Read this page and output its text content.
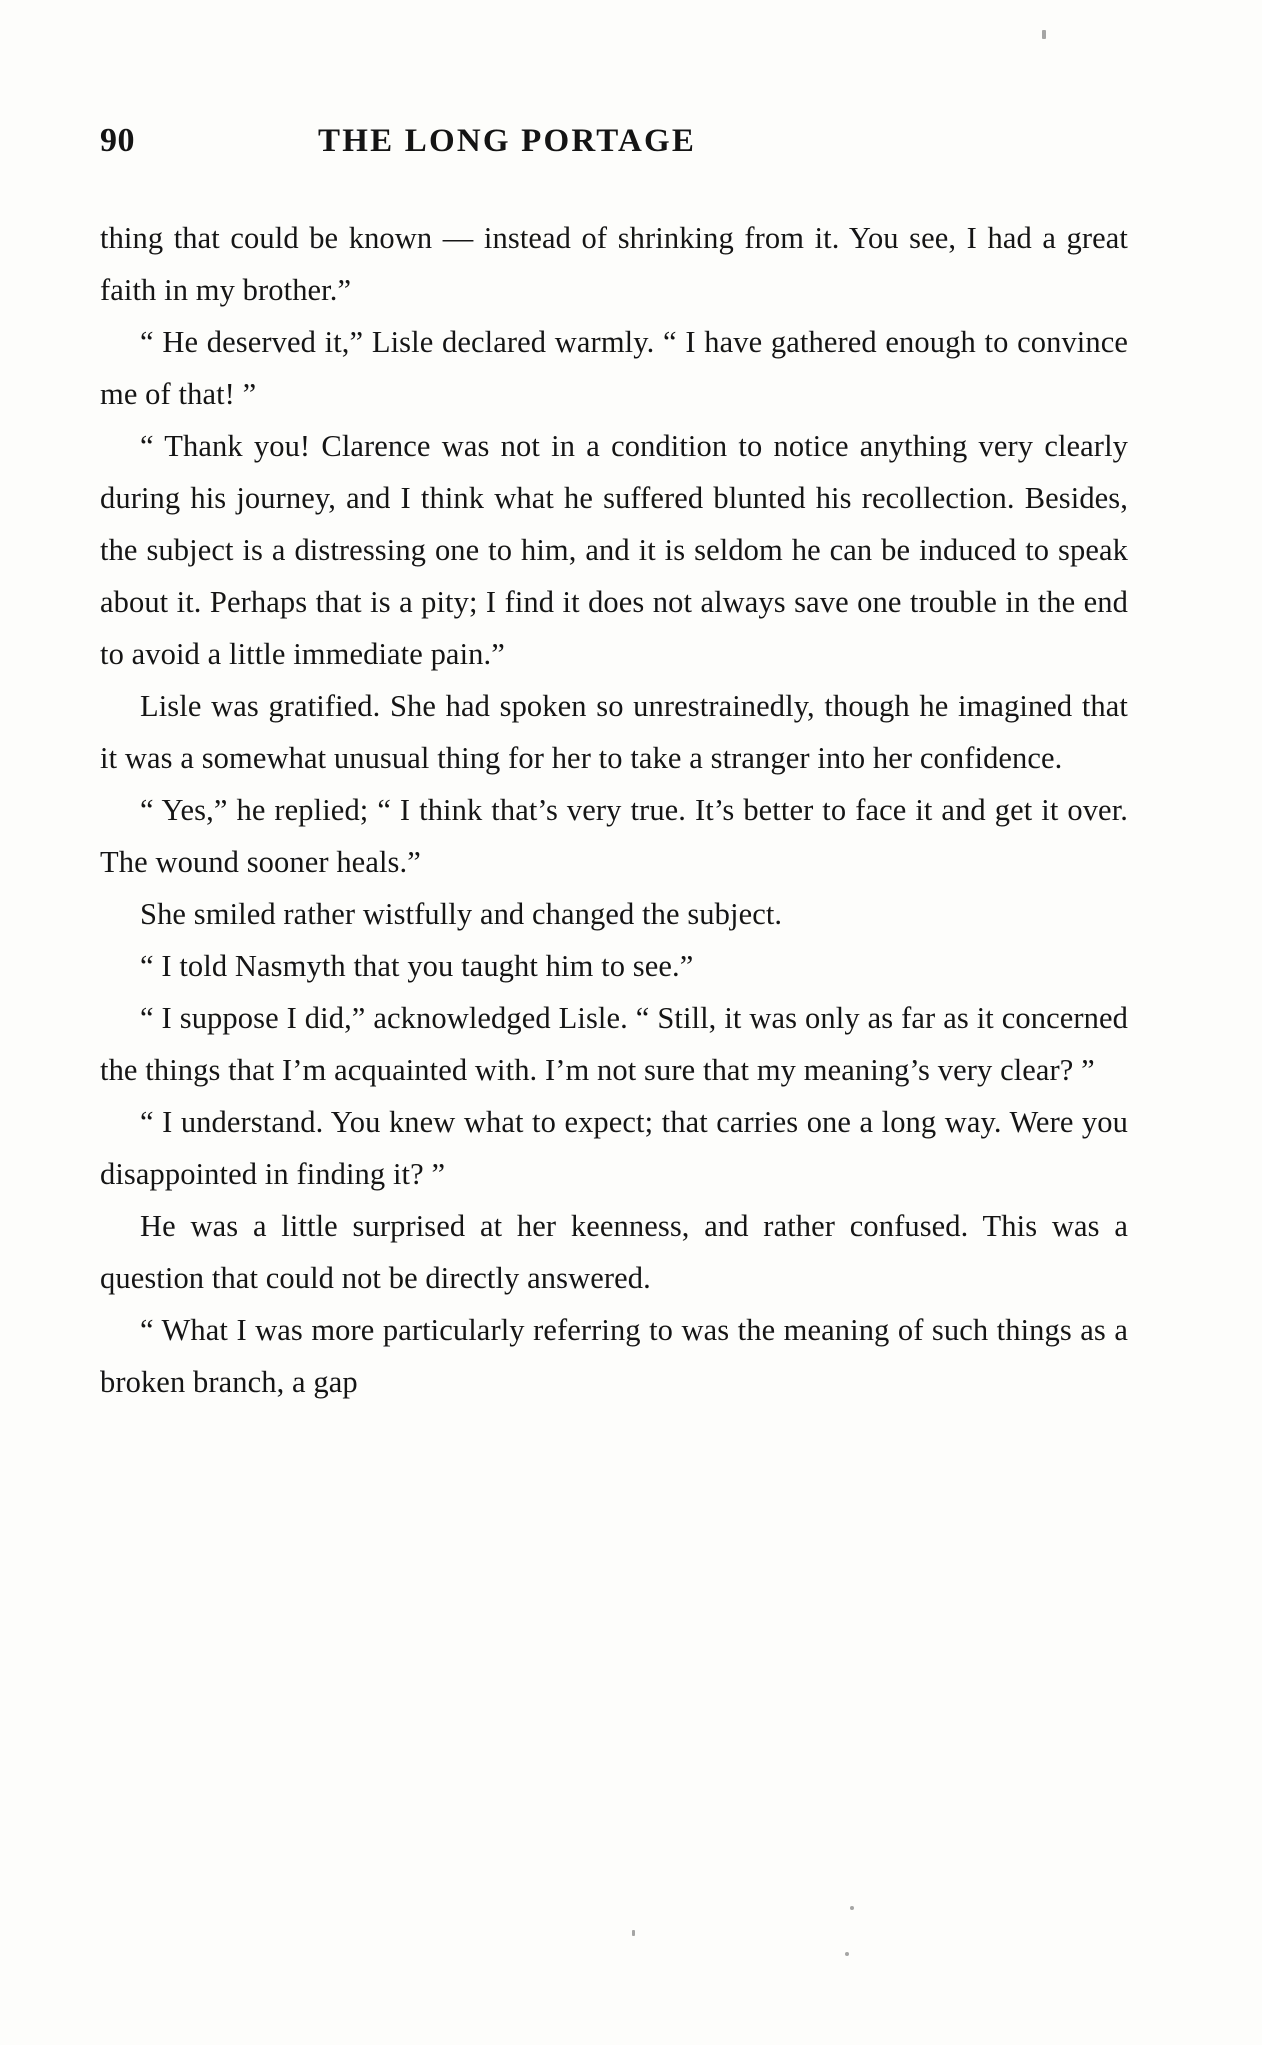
90	THE LONG PORTAGE

thing that could be known — instead of shrinking from it. You see, I had a great faith in my brother.”

“ He deserved it,” Lisle declared warmly. “ I have gathered enough to convince me of that! ”

“ Thank you! Clarence was not in a condition to notice anything very clearly during his journey, and I think what he suffered blunted his recollection. Besides, the subject is a distressing one to him, and it is seldom he can be induced to speak about it. Perhaps that is a pity; I find it does not always save one trouble in the end to avoid a little immediate pain.”

Lisle was gratified. She had spoken so unrestrainedly, though he imagined that it was a somewhat unusual thing for her to take a stranger into her confidence.

“ Yes,” he replied; “ I think that’s very true. It’s better to face it and get it over. The wound sooner heals.”

She smiled rather wistfully and changed the subject.

“ I told Nasmyth that you taught him to see.”

“ I suppose I did,” acknowledged Lisle. “ Still, it was only as far as it concerned the things that I’m acquainted with. I’m not sure that my meaning’s very clear? ”

“ I understand. You knew what to expect; that carries one a long way. Were you disappointed in finding it? ”

He was a little surprised at her keenness, and rather confused. This was a question that could not be directly answered.

“ What I was more particularly referring to was the meaning of such things as a broken branch, a gap
